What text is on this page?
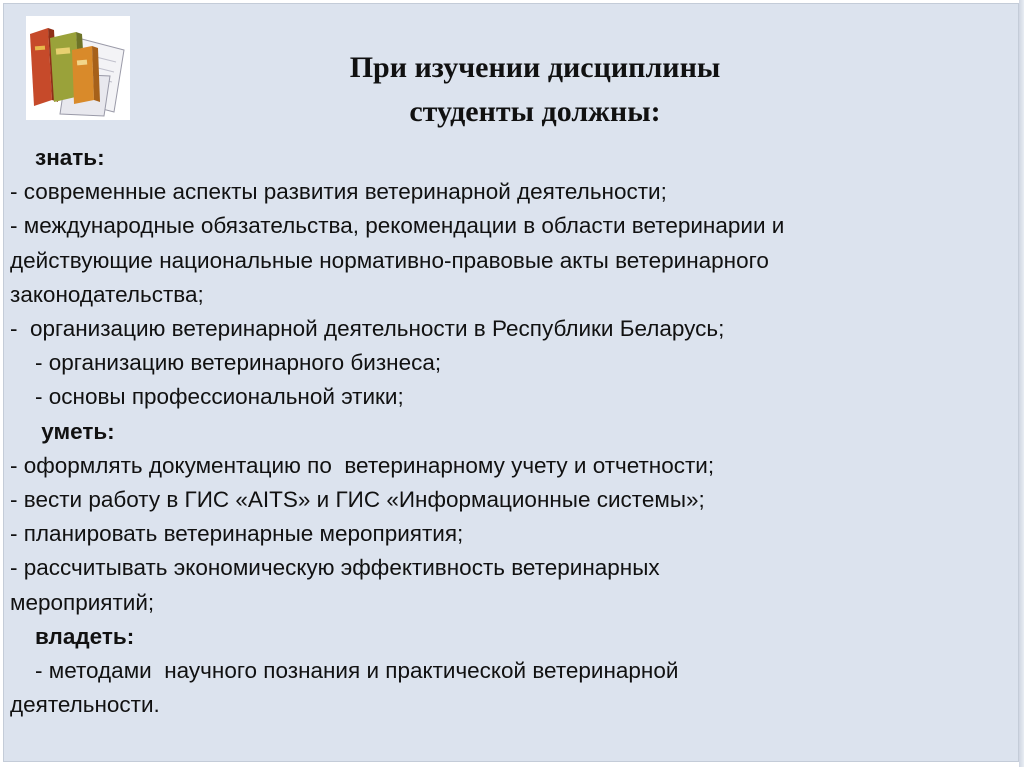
При изучении дисциплины
студенты должны:
знать:
- современные аспекты развития ветеринарной деятельности;
- международные обязательства, рекомендации в области ветеринарии и
действующие национальные нормативно-правовые акты ветеринарного
законодательства;
-  организацию ветеринарной деятельности в Республики Беларусь;
- организацию ветеринарного бизнеса;
- основы профессиональной этики;
уметь:
- оформлять документацию по  ветеринарному учету и отчетности;
- вести работу в ГИС «AITS» и ГИС «Информационные системы»;
- планировать ветеринарные мероприятия;
- рассчитывать экономическую эффективность ветеринарных
мероприятий;
владеть:
- методами  научного познания и практической ветеринарной
деятельности.
